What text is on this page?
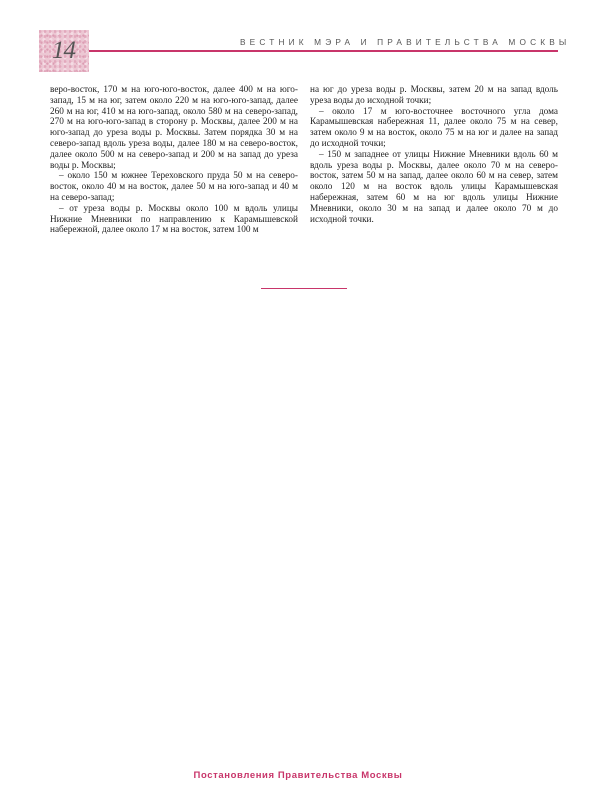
14	ВЕСТНИК МЭРА И ПРАВИТЕЛЬСТВА МОСКВЫ

веро-восток, 170 м на юго-юго-восток, далее 400 м на юго-запад, 15 м на юг, затем около 220 м на юго-юго-запад, далее 260 м на юг, 410 м на юго-запад, около 580 м на северо-запад, 270 м на юго-юго-запад в сторону р. Москвы, далее 200 м на юго-запад до уреза воды р. Москвы. Затем порядка 30 м на северо-запад вдоль уреза воды, далее 180 м на северо-восток, далее около 500 м на северо-запад и 200 м на запад до уреза воды р. Москвы;

– около 150 м южнее Тереховского пруда 50 м на северо-восток, около 40 м на восток, далее 50 м на юго-запад и 40 м на северо-запад;

– от уреза воды р. Москвы около 100 м вдоль улицы Нижние Мневники по направлению к Карамышевской набережной, далее около 17 м на восток, затем 100 м

на юг до уреза воды р. Москвы, затем 20 м на запад вдоль уреза воды до исходной точки;

– около 17 м юго-восточнее восточного угла дома Карамышевская набережная 11, далее около 75 м на север, затем около 9 м на восток, около 75 м на юг и далее на запад до исходной точки;

– 150 м западнее от улицы Нижние Мневники вдоль 60 м вдоль уреза воды р. Москвы, далее около 70 м на северо-восток, затем 50 м на запад, далее около 60 м на север, затем около 120 м на восток вдоль улицы Карамышевская набережная, затем 60 м на юг вдоль улицы Нижние Мневники, около 30 м на запад и далее около 70 м до исходной точки.

Постановления Правительства Москвы
